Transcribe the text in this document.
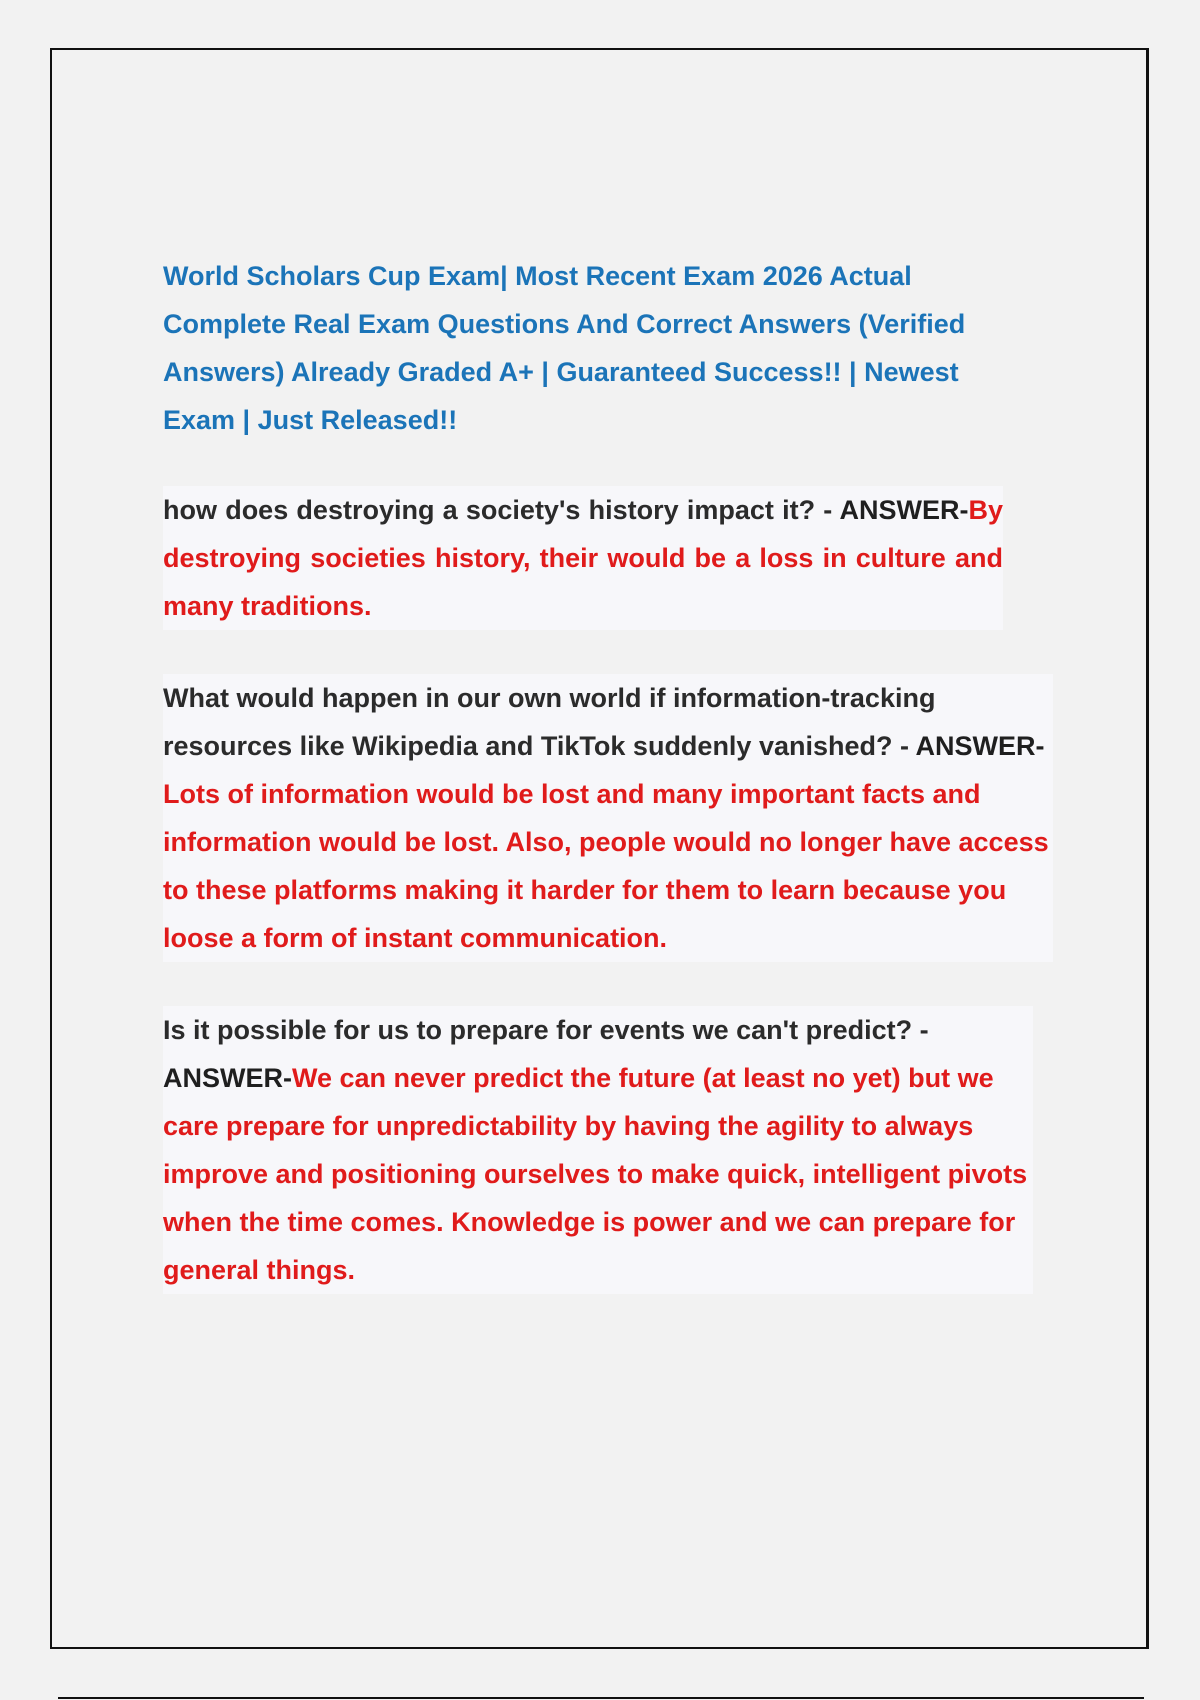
World Scholars Cup Exam| Most Recent Exam 2026 Actual Complete Real Exam Questions And Correct Answers (Verified Answers) Already Graded A+ | Guaranteed Success!! | Newest Exam | Just Released!!

how does destroying a society's history impact it? - ANSWER-By destroying societies history, their would be a loss in culture and many traditions.

What would happen in our own world if information-tracking resources like Wikipedia and TikTok suddenly vanished? - ANSWER-Lots of information would be lost and many important facts and information would be lost. Also, people would no longer have access to these platforms making it harder for them to learn because you loose a form of instant communication.

Is it possible for us to prepare for events we can't predict? - ANSWER-We can never predict the future (at least no yet) but we care prepare for unpredictability by having the agility to always improve and positioning ourselves to make quick, intelligent pivots when the time comes. Knowledge is power and we can prepare for general things.
